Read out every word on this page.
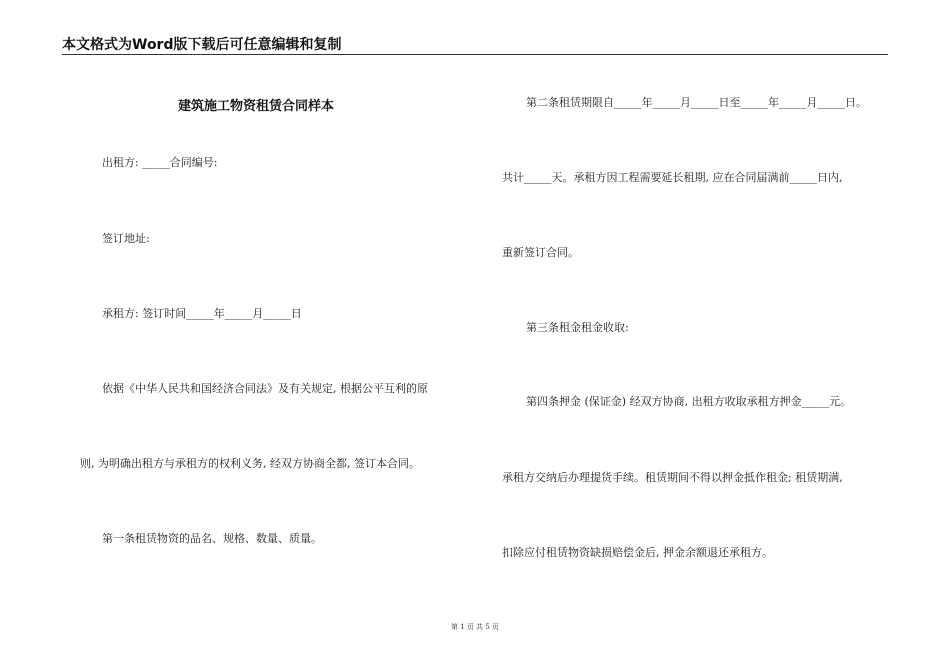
本文格式为Word版下载后可任意编辑和复制
建筑施工物资租赁合同样本
出租方: _____合同编号:
签订地址:
承租方: 签订时间_____年_____月_____日
依据《中华人民共和国经济合同法》及有关规定, 根据公平互利的原
则, 为明确出租方与承租方的权利义务, 经双方协商全都, 签订本合同。
第一条租赁物资的品名、规格、数量、质量。
第二条租赁期限自_____年_____月_____日至_____年_____月_____日。
共计_____天。承租方因工程需要延长租期, 应在合同届满前_____日内,
重新签订合同。
第三条租金租金收取:
第四条押金 (保证金) 经双方协商, 出租方收取承租方押金_____元。
承租方交纳后办理提货手续。租赁期间不得以押金抵作租金; 租赁期满,
扣除应付租赁物资缺损赔偿金后, 押金余额退还承租方。
第 1 页 共 5 页
